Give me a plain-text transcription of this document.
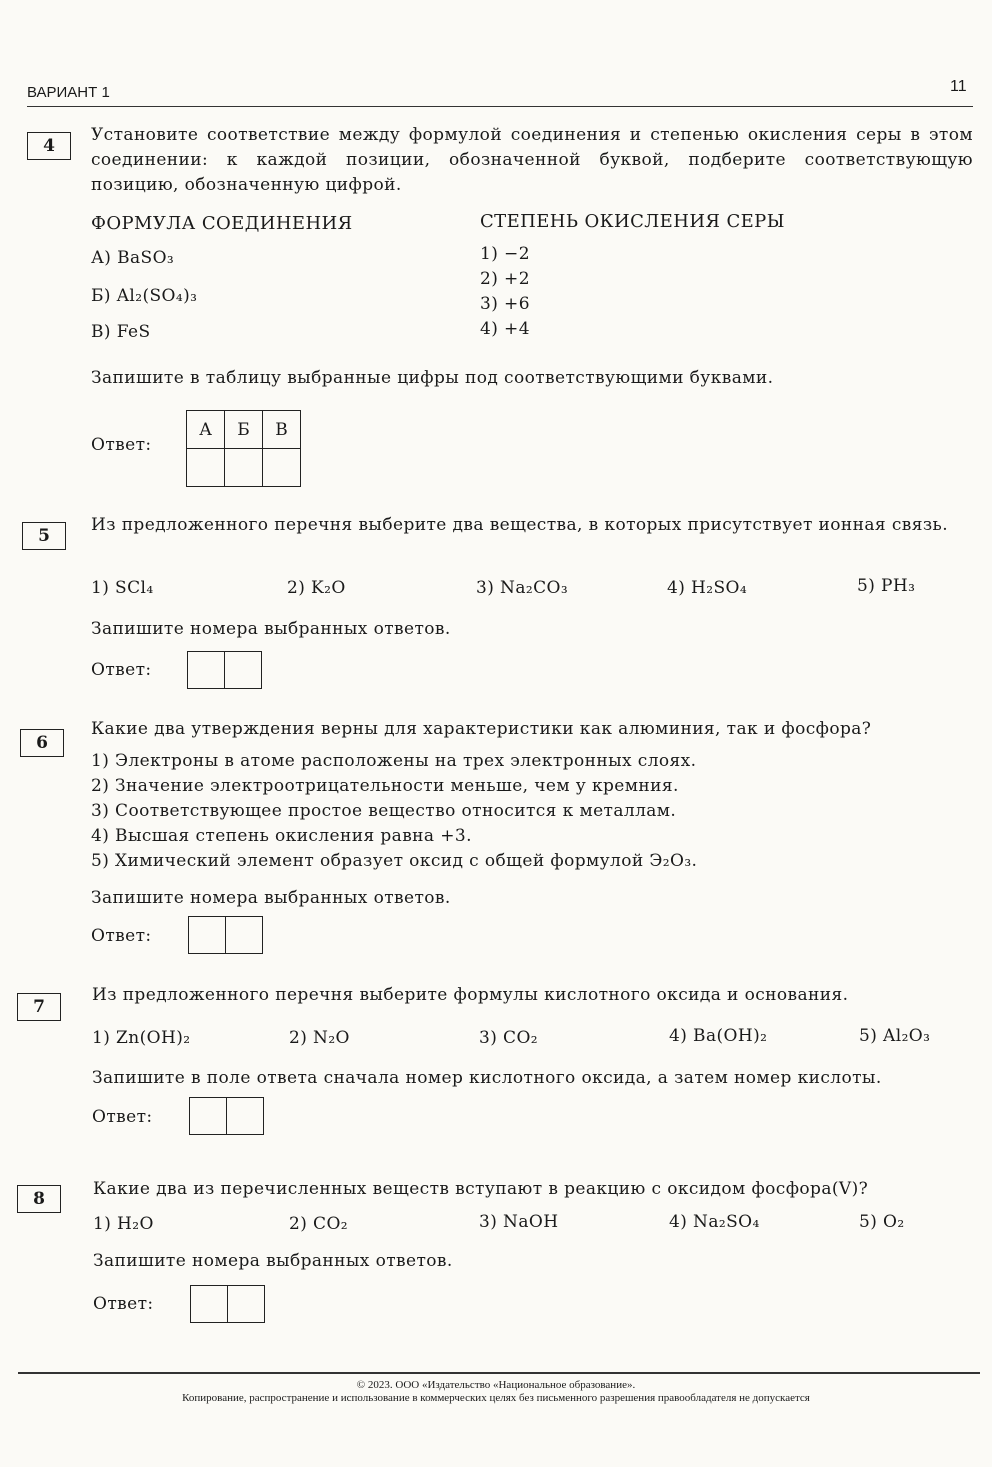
ВАРИАНТ 1	11
4
Установите соответствие между формулой соединения и степенью окисления серы в этом соединении: к каждой позиции, обозначенной буквой, подберите соответствующую позицию, обозначенную цифрой.
ФОРМУЛА СОЕДИНЕНИЯ	СТЕПЕНЬ ОКИСЛЕНИЯ СЕРЫ
А) BaSO₃
Б) Al₂(SO₄)₃
В) FeS
1) −2
2) +2
3) +6
4) +4
Запишите в таблицу выбранные цифры под соответствующими буквами.
Ответ:
А	Б	В

5
Из предложенного перечня выберите два вещества, в которых присутствует ионная связь.
1) SCl₄	2) K₂O	3) Na₂CO₃	4) H₂SO₄	5) PH₃
Запишите номера выбранных ответов.
Ответ:
6
Какие два утверждения верны для характеристики как алюминия, так и фосфора?
1) Электроны в атоме расположены на трех электронных слоях.
2) Значение электроотрицательности меньше, чем у кремния.
3) Соответствующее простое вещество относится к металлам.
4) Высшая степень окисления равна +3.
5) Химический элемент образует оксид с общей формулой Э₂O₃.
Запишите номера выбранных ответов.
Ответ:
7
Из предложенного перечня выберите формулы кислотного оксида и основания.
1) Zn(OH)₂	2) N₂O	3) CO₂	4) Ba(OH)₂	5) Al₂O₃
Запишите в поле ответа сначала номер кислотного оксида, а затем номер кислоты.
Ответ:
8	Какие два из перечисленных веществ вступают в реакцию с оксидом фосфора(V)?
1) H₂O	2) CO₂	3) NaOH	4) Na₂SO₄	5) O₂
Запишите номера выбранных ответов.
Ответ:
© 2023. ООО «Издательство «Национальное образование».
Копирование, распространение и использование в коммерческих целях без письменного разрешения правообладателя не допускается
